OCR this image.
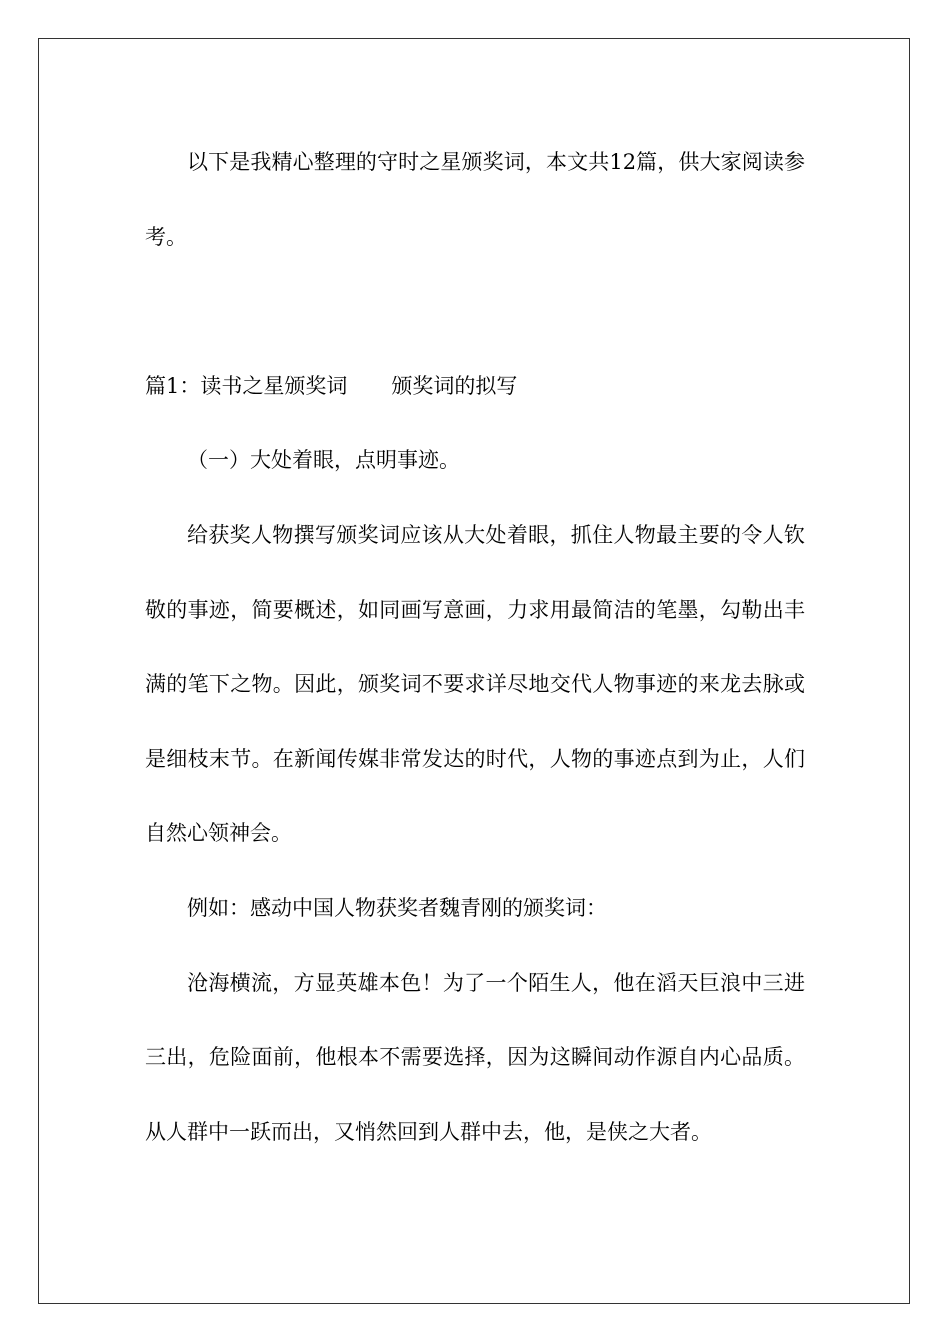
以下是我精心整理的守时之星颁奖词，本文共12篇，供大家阅读参考。

篇1：读书之星颁奖词 颁奖词的拟写

（一）大处着眼，点明事迹。

给获奖人物撰写颁奖词应该从大处着眼，抓住人物最主要的令人钦敬的事迹，简要概述，如同画写意画，力求用最简洁的笔墨，勾勒出丰满的笔下之物。因此，颁奖词不要求详尽地交代人物事迹的来龙去脉或是细枝末节。在新闻传媒非常发达的时代，人物的事迹点到为止，人们自然心领神会。

例如：感动中国人物获奖者魏青刚的颁奖词：

沧海横流，方显英雄本色！为了一个陌生人，他在滔天巨浪中三进三出，危险面前，他根本不需要选择，因为这瞬间动作源自内心品质。从人群中一跃而出，又悄然回到人群中去，他，是侠之大者。
